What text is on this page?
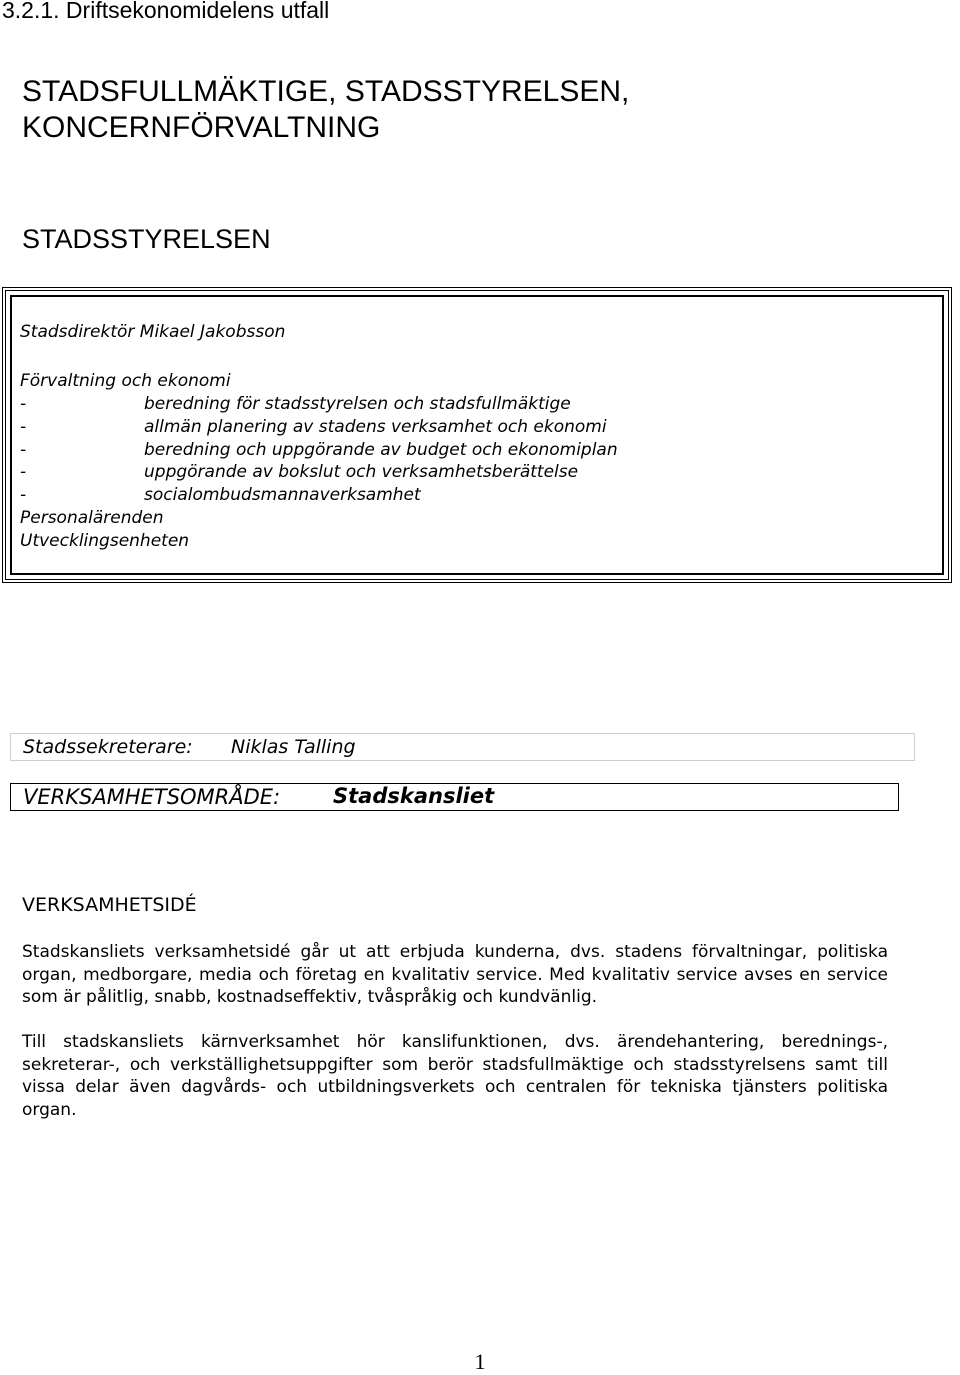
3.2.1. Driftsekonomidelens utfall
STADSFULLMÄKTIGE, STADSSTYRELSEN,
KONCERNFÖRVALTNING
STADSSTYRELSEN
Stadsdirektör Mikael Jakobsson
Förvaltning och ekonomi
-	beredning för stadsstyrelsen och stadsfullmäktige
-	allmän planering av stadens verksamhet och ekonomi
-	beredning och uppgörande av budget och ekonomiplan
-	uppgörande av bokslut och verksamhetsberättelse
-	socialombudsmannaverksamhet
Personalärenden
Utvecklingsenheten
Stadssekreterare: Niklas Talling
VERKSAMHETSOMRÅDE:	Stadskansliet
VERKSAMHETSIDÉ
Stadskansliets verksamhetsidé går ut att erbjuda kunderna, dvs. stadens förvaltningar, politiska organ, medborgare, media och företag en kvalitativ service. Med kvalitativ service avses en service som är pålitlig, snabb, kostnadseffektiv, tvåspråkig och kundvänlig.
Till stadskansliets kärnverksamhet hör kanslifunktionen, dvs. ärendehantering, berednings-, sekreterar-, och verkställighetsuppgifter som berör stadsfullmäktige och stadsstyrelsens samt till vissa delar även dagvårds- och utbildningsverkets och centralen för tekniska tjänsters politiska organ.
1
